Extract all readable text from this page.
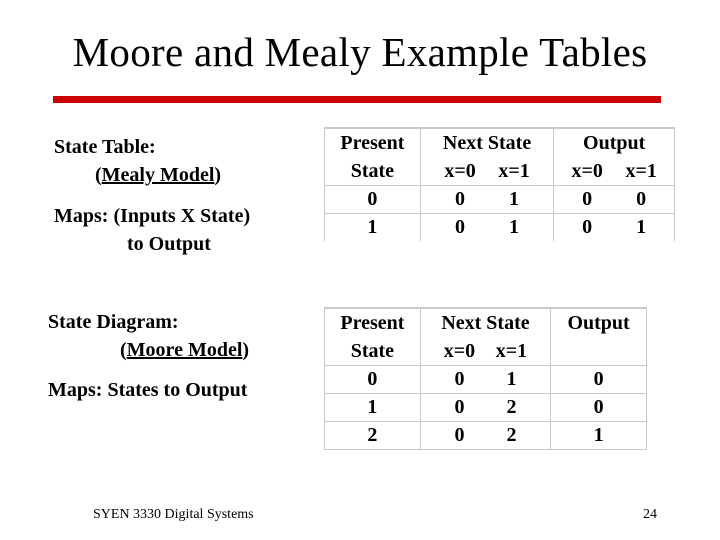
Moore and Mealy Example Tables
State Table:
(Mealy Model)
Maps: (Inputs X State)
to Output
Present	Next State	Output
State	x=0 x=1	x=0 x=1
0	0 1	0 0
1	0 1	0 1
State Diagram:
(Moore Model)
Maps: States to Output
Present	Next State	Output
State	x=0 x=1	
0	0 1	0
1	0 2	0
2	0 2	1
SYEN 3330 Digital Systems	24
